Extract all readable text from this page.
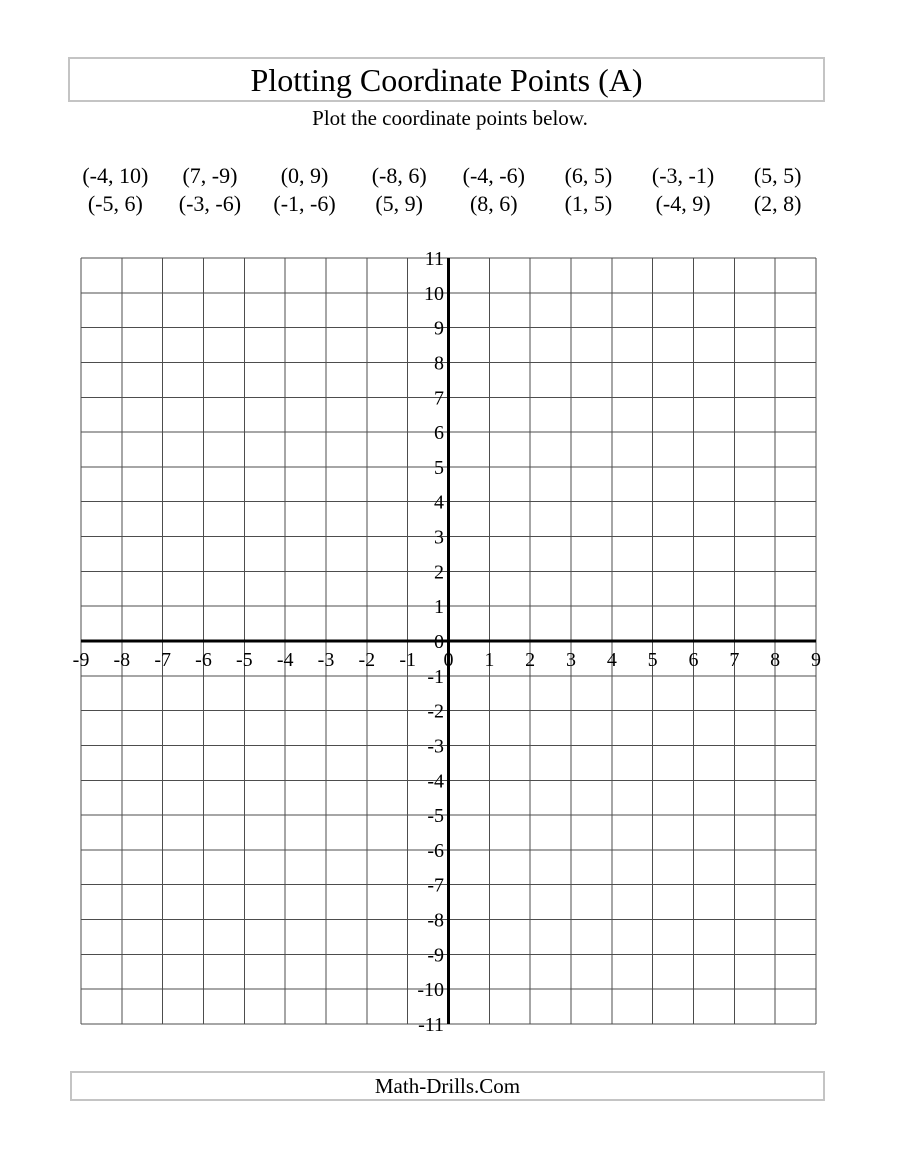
Plotting Coordinate Points (A)
Plot the coordinate points below.
(-4, 10)	(7, -9)	(0, 9)	(-8, 6)	(-4, -6)	(6, 5)	(-3, -1)	(5, 5)
(-5, 6)	(-3, -6)	(-1, -6)	(5, 9)	(8, 6)	(1, 5)	(-4, 9)	(2, 8)
-9 -8 -7 -6 -5 -4 -3 -2 -1 0 1 2 3 4 5 6 7 8 9
11
10
9
8
7
6
5
4
3
2
1
0
-1
-2
-3
-4
-5
-6
-7
-8
-9
-10
-11
Math-Drills.Com
